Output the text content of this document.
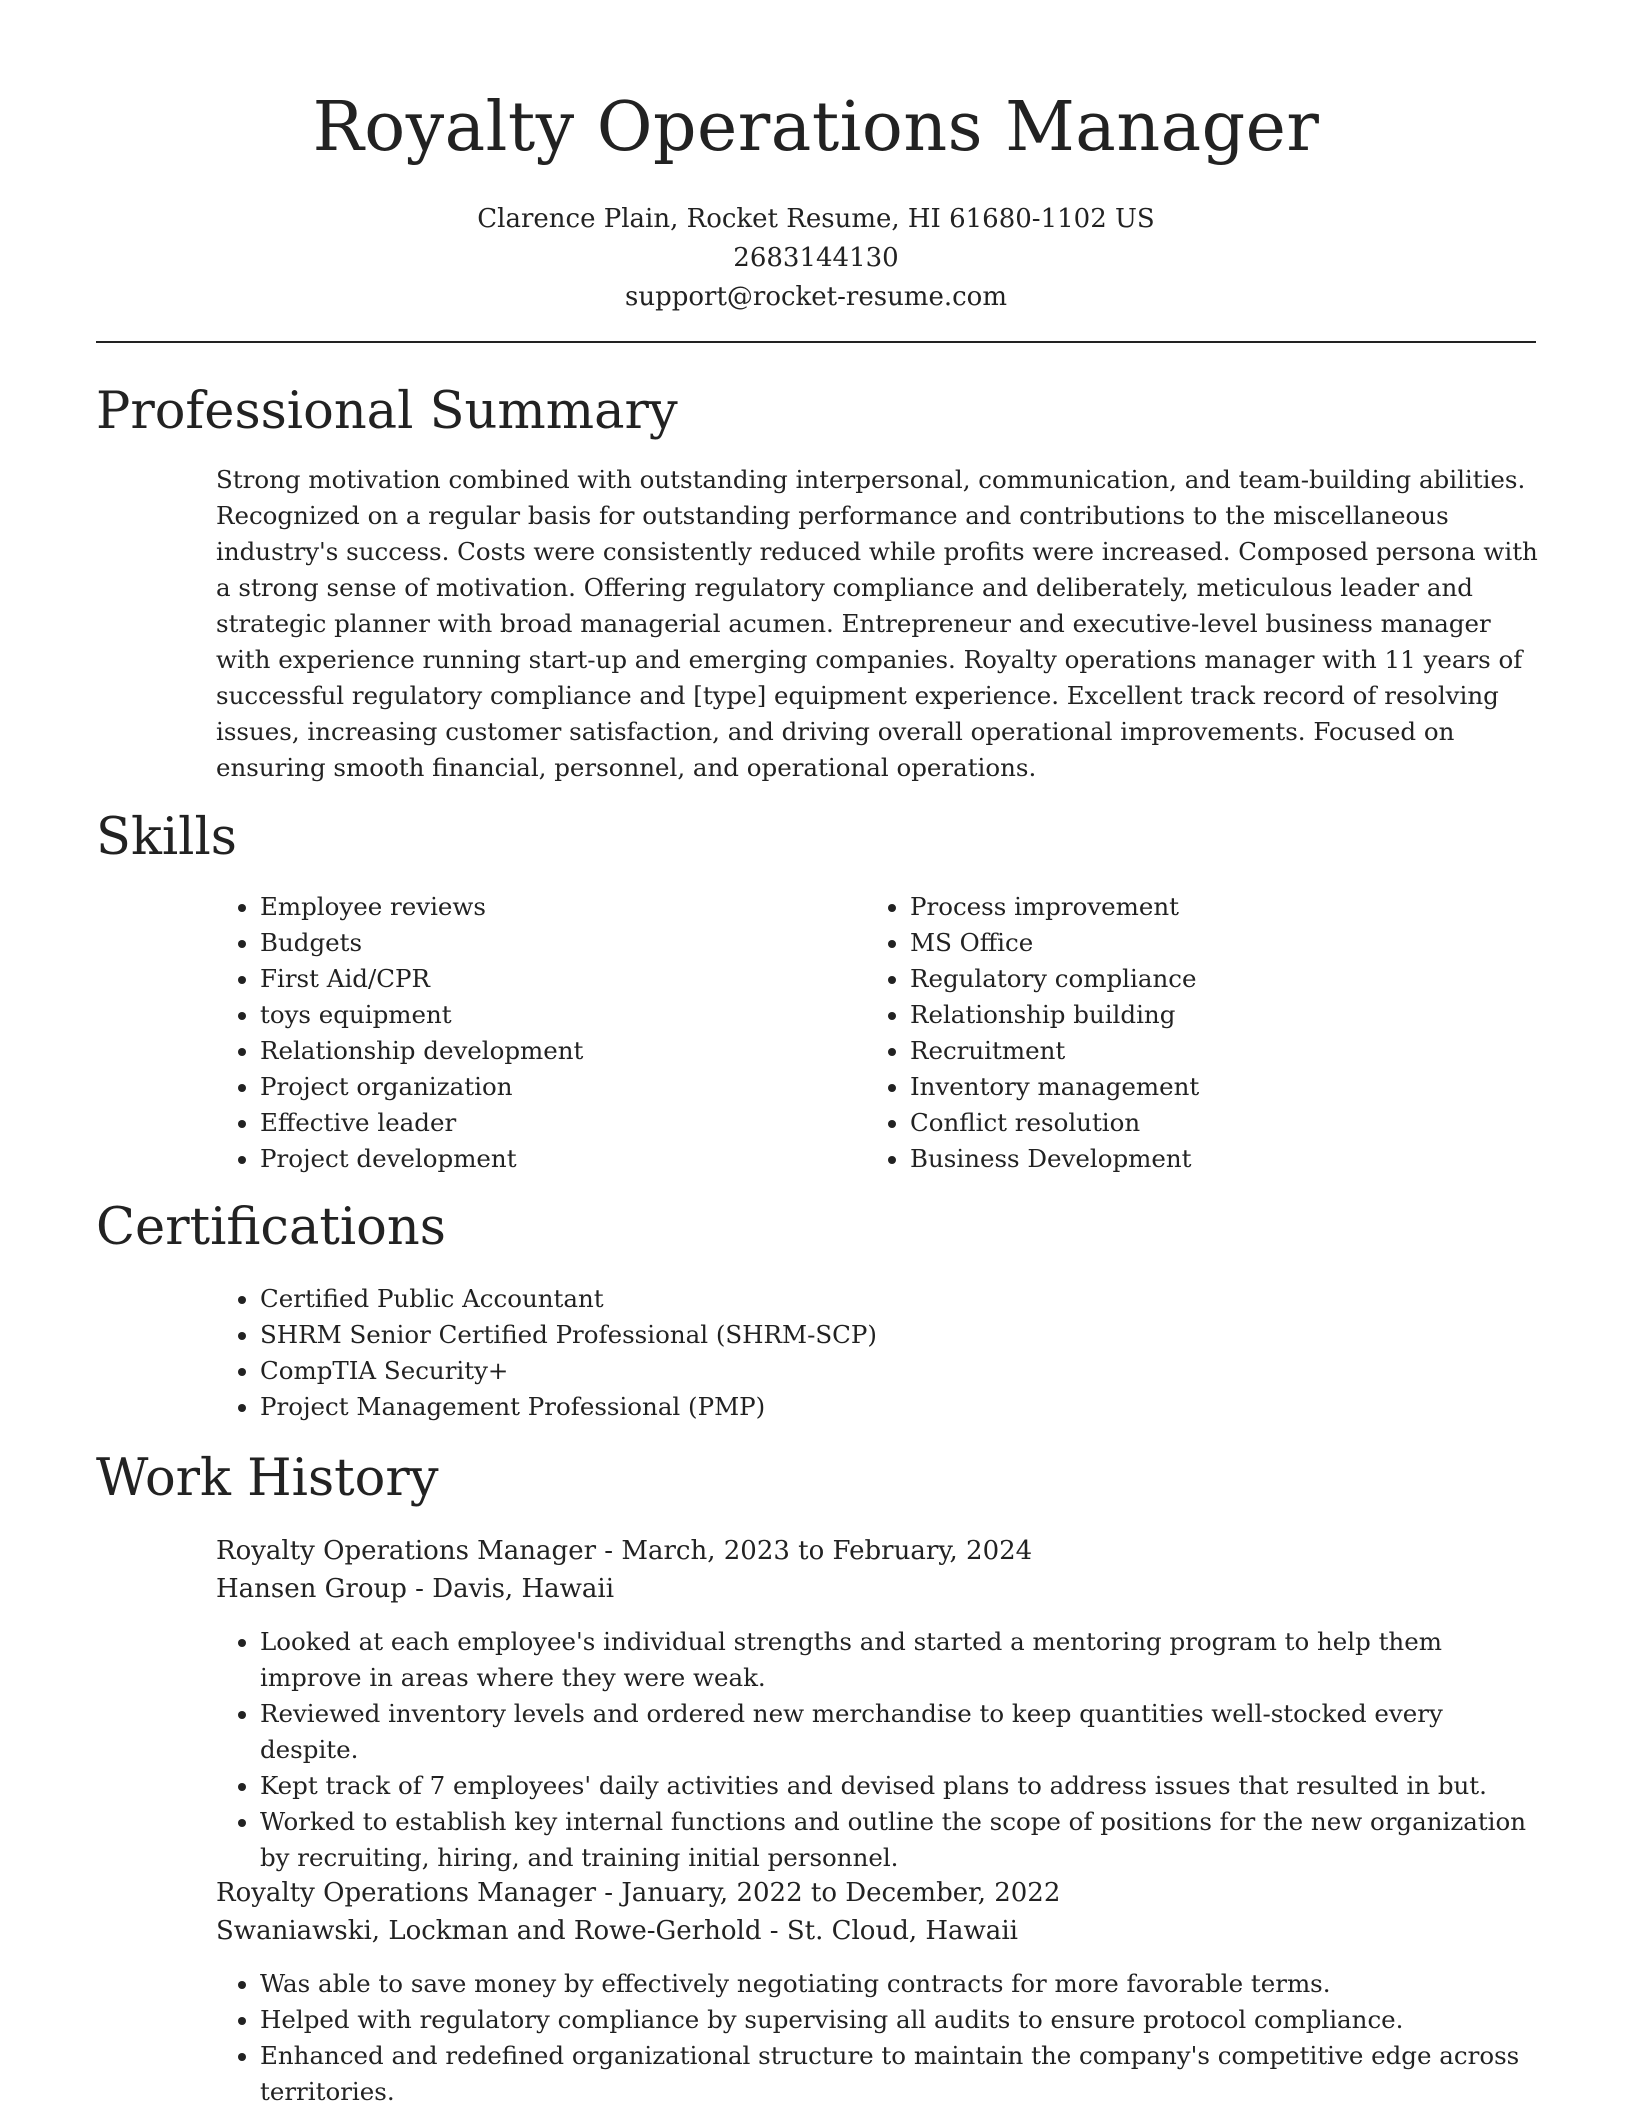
Royalty Operations Manager
Clarence Plain, Rocket Resume, HI 61680-1102 US
2683144130
support@rocket-resume.com
Professional Summary

Strong motivation combined with outstanding interpersonal, communication, and team-building abilities. Recognized on a regular basis for outstanding performance and contributions to the miscellaneous industry's success. Costs were consistently reduced while profits were increased. Composed persona with a strong sense of motivation. Offering regulatory compliance and deliberately, meticulous leader and strategic planner with broad managerial acumen. Entrepreneur and executive-level business manager with experience running start-up and emerging companies. Royalty operations manager with 11 years of successful regulatory compliance and [type] equipment experience. Excellent track record of resolving issues, increasing customer satisfaction, and driving overall operational improvements. Focused on ensuring smooth financial, personnel, and operational operations.

Skills
• Employee reviews
• Budgets
• First Aid/CPR
• toys equipment
• Relationship development
• Project organization
• Effective leader
• Project development
• Process improvement
• MS Office
• Regulatory compliance
• Relationship building
• Recruitment
• Inventory management
• Conflict resolution
• Business Development
Certifications
• Certified Public Accountant
• SHRM Senior Certified Professional (SHRM-SCP)
• CompTIA Security+
• Project Management Professional (PMP)
Work History
Royalty Operations Manager - March, 2023 to February, 2024
Hansen Group - Davis, Hawaii
• Looked at each employee's individual strengths and started a mentoring program to help them improve in areas where they were weak.
• Reviewed inventory levels and ordered new merchandise to keep quantities well-stocked every despite.
• Kept track of 7 employees' daily activities and devised plans to address issues that resulted in but.
• Worked to establish key internal functions and outline the scope of positions for the new organization by recruiting, hiring, and training initial personnel.
Royalty Operations Manager - January, 2022 to December, 2022
Swaniawski, Lockman and Rowe-Gerhold - St. Cloud, Hawaii
• Was able to save money by effectively negotiating contracts for more favorable terms.
• Helped with regulatory compliance by supervising all audits to ensure protocol compliance.
• Enhanced and redefined organizational structure to maintain the company's competitive edge across territories.
